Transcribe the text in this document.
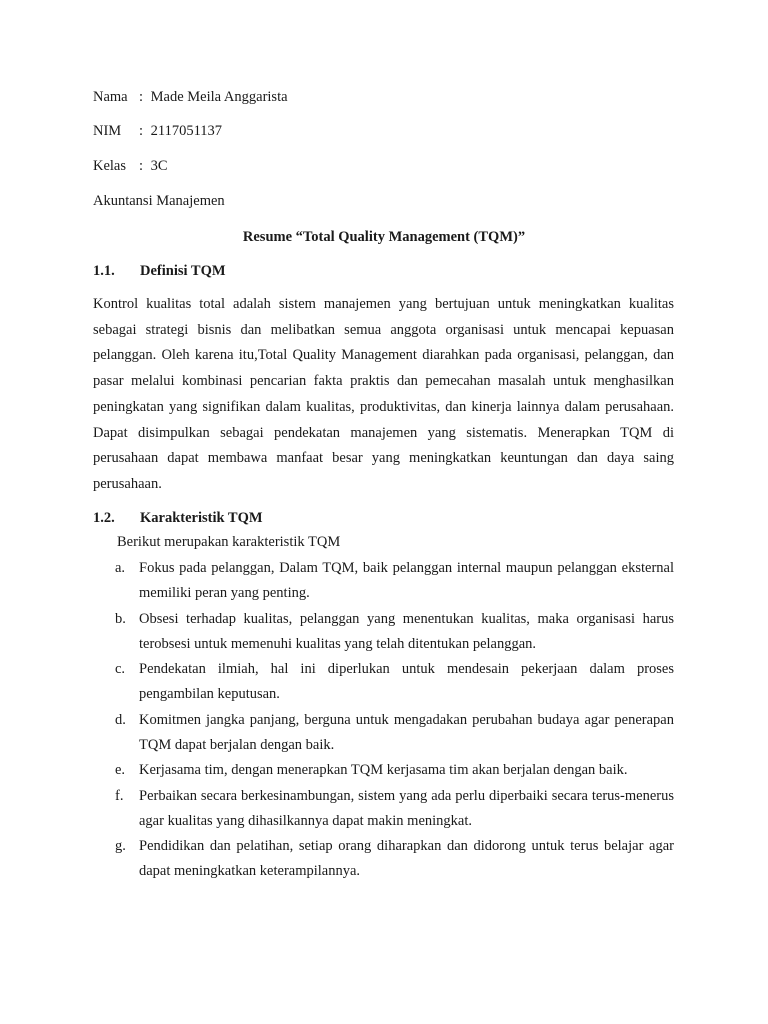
Nama : Made Meila Anggarista
NIM : 2117051137
Kelas : 3C
Akuntansi Manajemen
Resume “Total Quality Management (TQM)”
1.1. Definisi TQM

Kontrol kualitas total adalah sistem manajemen yang bertujuan untuk meningkatkan kualitas sebagai strategi bisnis dan melibatkan semua anggota organisasi untuk mencapai kepuasan pelanggan. Oleh karena itu,Total Quality Management diarahkan pada organisasi, pelanggan, dan pasar melalui kombinasi pencarian fakta praktis dan pemecahan masalah untuk menghasilkan peningkatan yang signifikan dalam kualitas, produktivitas, dan kinerja lainnya dalam perusahaan. Dapat disimpulkan sebagai pendekatan manajemen yang sistematis. Menerapkan TQM di perusahaan dapat membawa manfaat besar yang meningkatkan keuntungan dan daya saing perusahaan.

1.2. Karakteristik TQM
Berikut merupakan karakteristik TQM
a. Fokus pada pelanggan, Dalam TQM, baik pelanggan internal maupun pelanggan eksternal memiliki peran yang penting.
b. Obsesi terhadap kualitas, pelanggan yang menentukan kualitas, maka organisasi harus terobsesi untuk memenuhi kualitas yang telah ditentukan pelanggan.
c. Pendekatan ilmiah, hal ini diperlukan untuk mendesain pekerjaan dalam proses pengambilan keputusan.
d. Komitmen jangka panjang, berguna untuk mengadakan perubahan budaya agar penerapan TQM dapat berjalan dengan baik.
e. Kerjasama tim, dengan menerapkan TQM kerjasama tim akan berjalan dengan baik.
f. Perbaikan secara berkesinambungan, sistem yang ada perlu diperbaiki secara terus-menerus agar kualitas yang dihasilkannya dapat makin meningkat.
g. Pendidikan dan pelatihan, setiap orang diharapkan dan didorong untuk terus belajar agar dapat meningkatkan keterampilannya.
